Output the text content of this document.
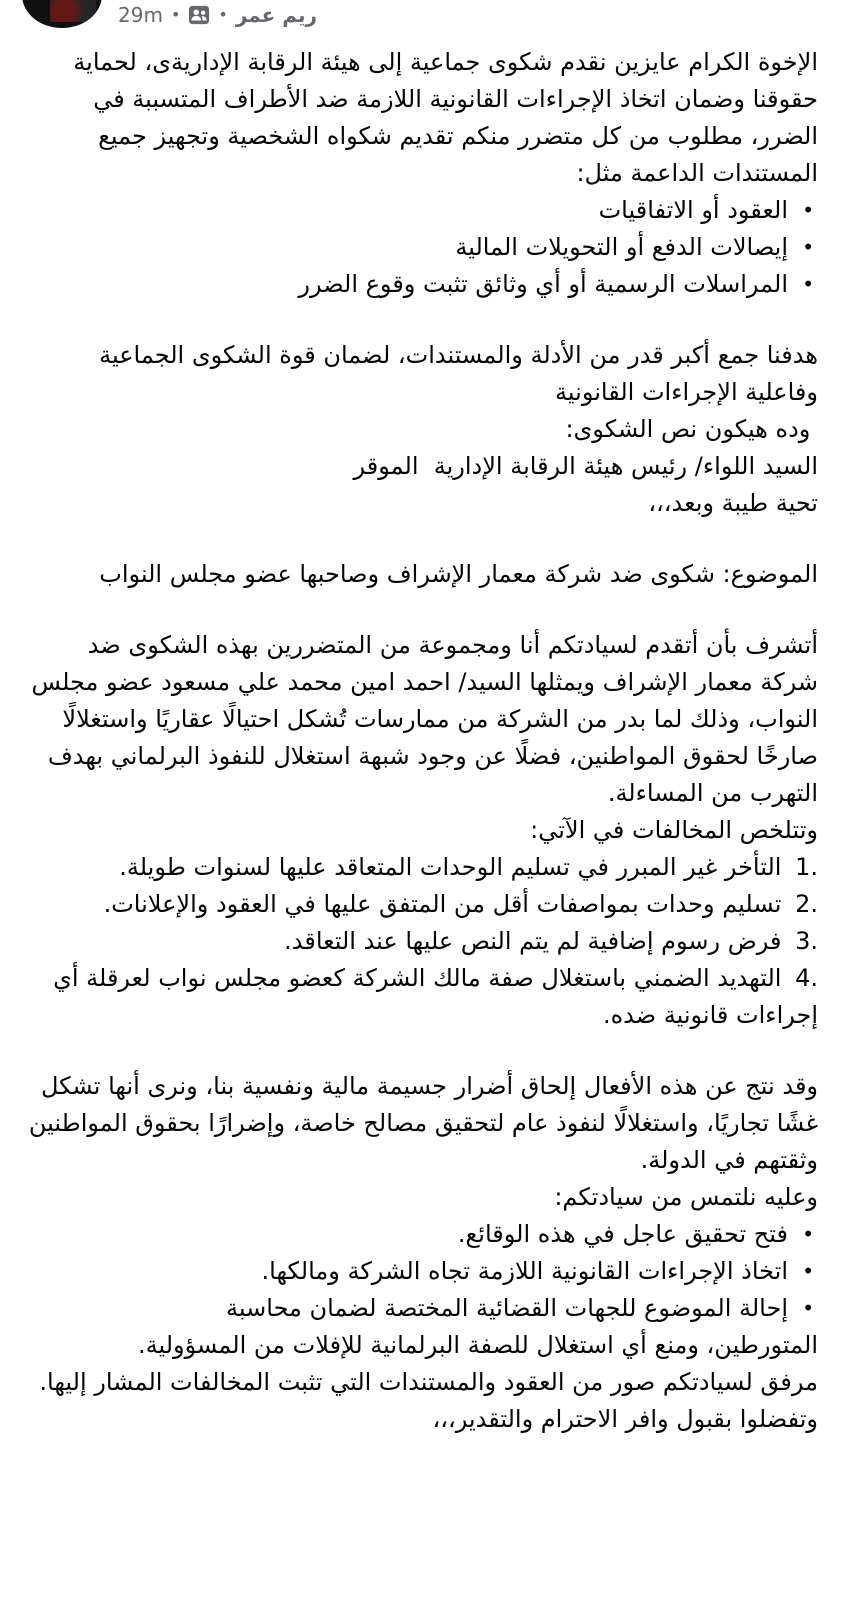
29m • • ريم عمر

الإخوة الكرام عايزين نقدم شكوى جماعية إلى هيئة الرقابة الإداريةى، لحماية حقوقنا وضمان اتخاذ الإجراءات القانونية اللازمة ضد الأطراف المتسببة في الضرر، مطلوب من كل متضرر منكم تقديم شكواه الشخصية وتجهيز جميع المستندات الداعمة مثل:

• العقود أو الاتفاقيات
• إيصالات الدفع أو التحويلات المالية
• المراسلات الرسمية أو أي وثائق تثبت وقوع الضرر

هدفنا جمع أكبر قدر من الأدلة والمستندات، لضمان قوة الشكوى الجماعية وفاعلية الإجراءات القانونية

وده هيكون نص الشكوى:

السيد اللواء/ رئيس هيئة الرقابة الإدارية  الموقر

تحية طيبة وبعد،،،

الموضوع: شكوى ضد شركة معمار الإشراف وصاحبها عضو مجلس النواب

أتشرف بأن أتقدم لسيادتكم أنا ومجموعة من المتضررين بهذه الشكوى ضد شركة معمار الإشراف ويمثلها السيد/ احمد امين محمد علي مسعود عضو مجلس النواب، وذلك لما بدر من الشركة من ممارسات تُشكل احتيالًا عقاريًا واستغلالًا صارخًا لحقوق المواطنين، فضلًا عن وجود شبهة استغلال للنفوذ البرلماني بهدف التهرب من المساءلة.

وتتلخص المخالفات في الآتي:

1. التأخر غير المبرر في تسليم الوحدات المتعاقد عليها لسنوات طويلة.
2. تسليم وحدات بمواصفات أقل من المتفق عليها في العقود والإعلانات.
3. فرض رسوم إضافية لم يتم النص عليها عند التعاقد.
4. التهديد الضمني باستغلال صفة مالك الشركة كعضو مجلس نواب لعرقلة أي إجراءات قانونية ضده.

وقد نتج عن هذه الأفعال إلحاق أضرار جسيمة مالية ونفسية بنا، ونرى أنها تشكل غشًا تجاريًا، واستغلالًا لنفوذ عام لتحقيق مصالح خاصة، وإضرارًا بحقوق المواطنين وثقتهم في الدولة.

وعليه نلتمس من سيادتكم:

• فتح تحقيق عاجل في هذه الوقائع.
• اتخاذ الإجراءات القانونية اللازمة تجاه الشركة ومالكها.
• إحالة الموضوع للجهات القضائية المختصة لضمان محاسبة

المتورطين، ومنع أي استغلال للصفة البرلمانية للإفلات من المسؤولية.

مرفق لسيادتكم صور من العقود والمستندات التي تثبت المخالفات المشار إليها.

وتفضلوا بقبول وافر الاحترام والتقدير،،،
